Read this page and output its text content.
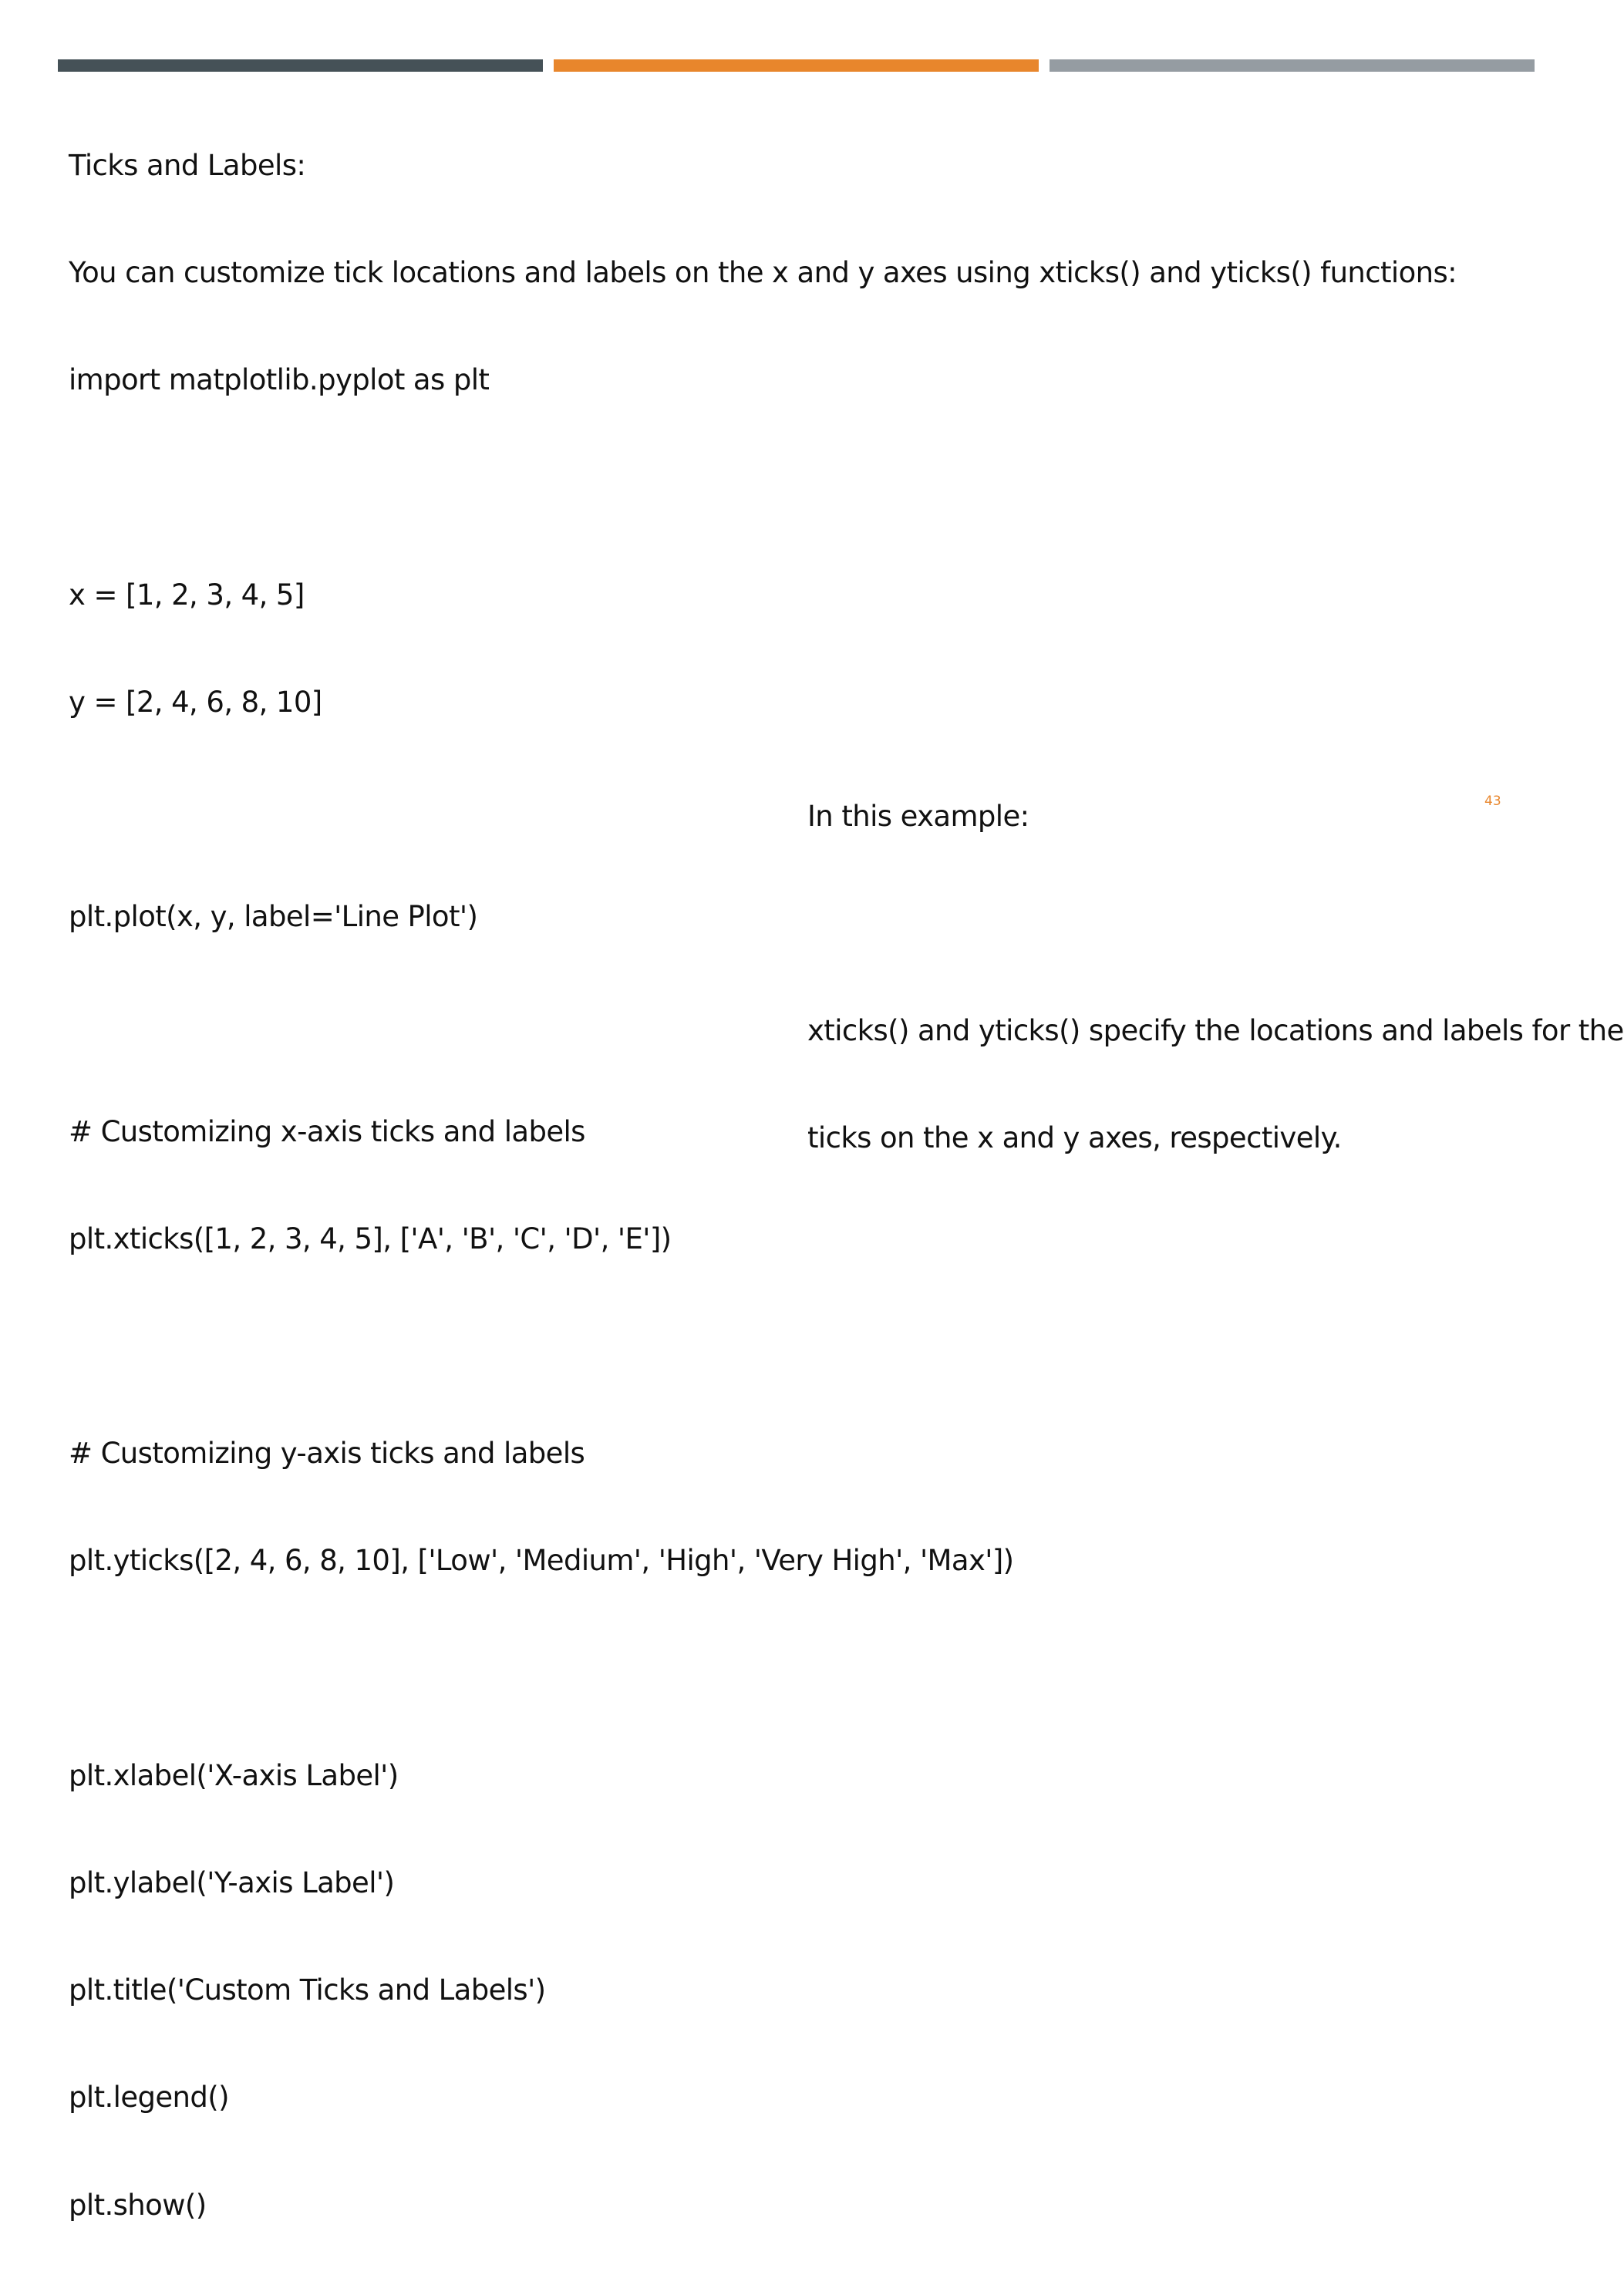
Ticks and Labels:

You can customize tick locations and labels on the x and y axes using xticks() and yticks() functions:

import matplotlib.pyplot as plt

x = [1, 2, 3, 4, 5]

y = [2, 4, 6, 8, 10]

plt.plot(x, y, label='Line Plot')

# Customizing x-axis ticks and labels

plt.xticks([1, 2, 3, 4, 5], ['A', 'B', 'C', 'D', 'E'])

# Customizing y-axis ticks and labels

plt.yticks([2, 4, 6, 8, 10], ['Low', 'Medium', 'High', 'Very High', 'Max'])

plt.xlabel('X-axis Label')

plt.ylabel('Y-axis Label')

plt.title('Custom Ticks and Labels')

plt.legend()

plt.show()

43

In this example:

xticks() and yticks() specify the locations and labels for the

ticks on the x and y axes, respectively.
